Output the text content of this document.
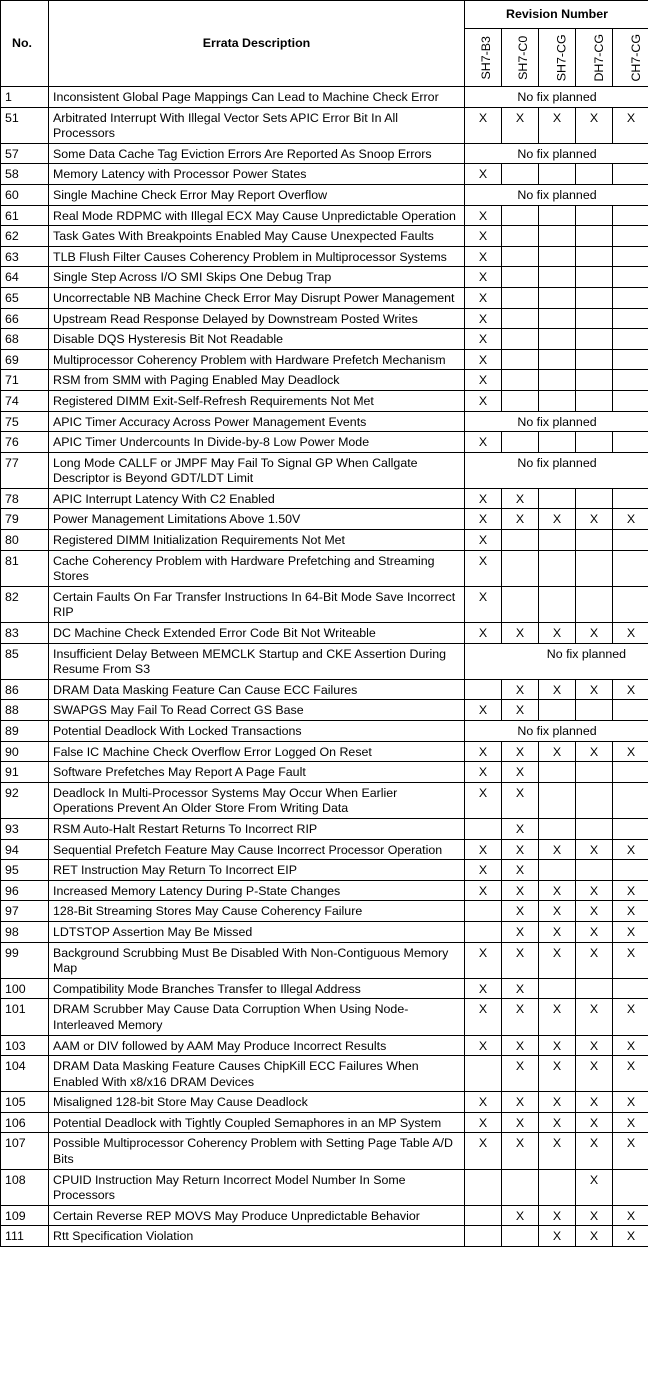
No.	Errata Description	Revision Number				
		SH7-B3	SH7-C0	SH7-CG	DH7-CG	CH7-CG
1	Inconsistent Global Page Mappings Can Lead to Machine Check Error	No fix planned				
51	Arbitrated Interrupt With Illegal Vector Sets APIC Error Bit In All Processors	X	X	X	X	X
57	Some Data Cache Tag Eviction Errors Are Reported As Snoop Errors	No fix planned				
58	Memory Latency with Processor Power States	X				
60	Single Machine Check Error May Report Overflow	No fix planned				
61	Real Mode RDPMC with Illegal ECX May Cause Unpredictable Operation	X				
62	Task Gates With Breakpoints Enabled May Cause Unexpected Faults	X				
63	TLB Flush Filter Causes Coherency Problem in Multiprocessor Systems	X				
64	Single Step Across I/O SMI Skips One Debug Trap	X				
65	Uncorrectable NB Machine Check Error May Disrupt Power Management	X				
66	Upstream Read Response Delayed by Downstream Posted Writes	X				
68	Disable DQS Hysteresis Bit Not Readable	X				
69	Multiprocessor Coherency Problem with Hardware Prefetch Mechanism	X				
71	RSM from SMM with Paging Enabled May Deadlock	X				
74	Registered DIMM Exit-Self-Refresh Requirements Not Met	X				
75	APIC Timer Accuracy Across Power Management Events	No fix planned				
76	APIC Timer Undercounts In Divide-by-8 Low Power Mode	X				
77	Long Mode CALLF or JMPF May Fail To Signal GP When Callgate Descriptor is Beyond GDT/LDT Limit	No fix planned				
78	APIC Interrupt Latency With C2 Enabled	X	X			
79	Power Management Limitations Above 1.50V	X	X	X	X	X
80	Registered DIMM Initialization Requirements Not Met	X				
81	Cache Coherency Problem with Hardware Prefetching and Streaming Stores	X				
82	Certain Faults On Far Transfer Instructions In 64-Bit Mode Save Incorrect RIP	X				
83	DC Machine Check Extended Error Code Bit Not Writeable	X	X	X	X	X
85	Insufficient Delay Between MEMCLK Startup and CKE Assertion During Resume From S3	No fix planned				
86	DRAM Data Masking Feature Can Cause ECC Failures		X	X	X	X
88	SWAPGS May Fail To Read Correct GS Base	X	X			
89	Potential Deadlock With Locked Transactions	No fix planned				
90	False IC Machine Check Overflow Error Logged On Reset	X	X	X	X	X
91	Software Prefetches May Report A Page Fault	X	X			
92	Deadlock In Multi-Processor Systems May Occur When Earlier Operations Prevent An Older Store From Writing Data	X	X			
93	RSM Auto-Halt Restart Returns To Incorrect RIP		X			
94	Sequential Prefetch Feature May Cause Incorrect Processor Operation	X	X	X	X	X
95	RET Instruction May Return To Incorrect EIP	X	X			
96	Increased Memory Latency During P-State Changes	X	X	X	X	X
97	128-Bit Streaming Stores May Cause Coherency Failure		X	X	X	X
98	LDTSTOP Assertion May Be Missed		X	X	X	X
99	Background Scrubbing Must Be Disabled With Non-Contiguous Memory Map	X	X	X	X	X
100	Compatibility Mode Branches Transfer to Illegal Address	X	X			
101	DRAM Scrubber May Cause Data Corruption When Using Node-Interleaved Memory	X	X	X	X	X
103	AAM or DIV followed by AAM May Produce Incorrect Results	X	X	X	X	X
104	DRAM Data Masking Feature Causes ChipKill ECC Failures When Enabled With x8/x16 DRAM Devices		X	X	X	X
105	Misaligned 128-bit Store May Cause Deadlock	X	X	X	X	X
106	Potential Deadlock with Tightly Coupled Semaphores in an MP System	X	X	X	X	X
107	Possible Multiprocessor Coherency Problem with Setting Page Table A/D Bits	X	X	X	X	X
108	CPUID Instruction May Return Incorrect Model Number In Some Processors				X	
109	Certain Reverse REP MOVS May Produce Unpredictable Behavior		X	X	X	X
111	Rtt Specification Violation			X	X	X
